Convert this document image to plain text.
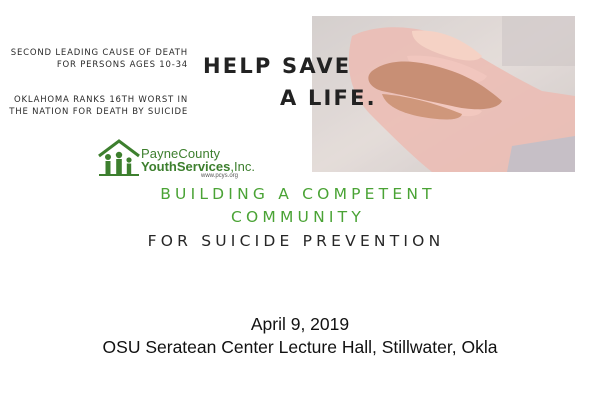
SECOND LEADING CAUSE OF DEATH FOR PERSONS AGES 10-34
OKLAHOMA RANKS 16TH WORST IN THE NATION FOR DEATH BY SUICIDE
HELP SAVE
A LIFE.
PayneCounty
YouthServices,Inc.
www.pcys.org
BUILDING A COMPETENT
COMMUNITY
FOR SUICIDE PREVENTION
April 9, 2019
OSU Seratean Center Lecture Hall, Stillwater, Okla
